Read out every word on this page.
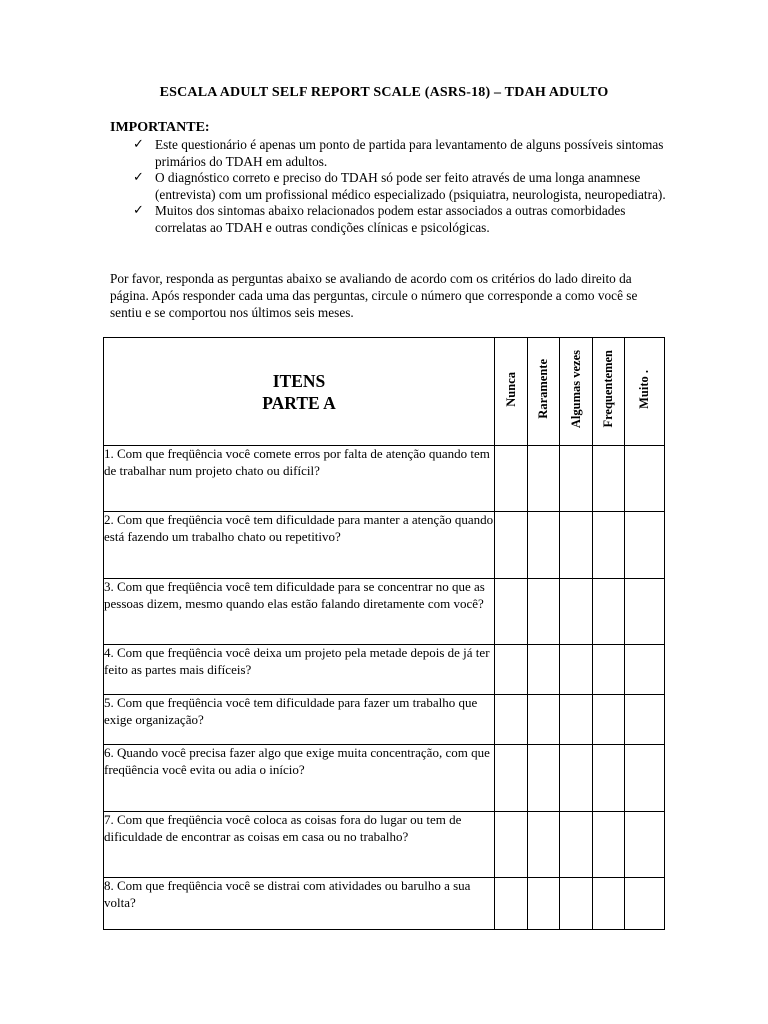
ESCALA ADULT SELF REPORT SCALE (ASRS-18) – TDAH ADULTO
IMPORTANTE:
✓ Este questionário é apenas um ponto de partida para levantamento de alguns possíveis sintomas primários do TDAH em adultos.
✓ O diagnóstico correto e preciso do TDAH só pode ser feito através de uma longa anamnese (entrevista) com um profissional médico especializado (psiquiatra, neurologista, neuropediatra).
✓ Muitos dos sintomas abaixo relacionados podem estar associados a outras comorbidades correlatas ao TDAH e outras condições clínicas e psicológicas.

Por favor, responda as perguntas abaixo se avaliando de acordo com os critérios do lado direito da página. Após responder cada uma das perguntas, circule o número que corresponde a como você se sentiu e se comportou nos últimos seis meses.

ITENS
PARTE A	Nunca	Raramente	Algumas vezes	Frequentemen	Muito .
1. Com que freqüência você comete erros por falta de atenção quando tem de trabalhar num projeto chato ou difícil?					
2. Com que freqüência você tem dificuldade para manter a atenção quando está fazendo um trabalho chato ou repetitivo?					
3. Com que freqüência você tem dificuldade para se concentrar no que as pessoas dizem, mesmo quando elas estão falando diretamente com você?					
4. Com que freqüência você deixa um projeto pela metade depois de já ter feito as partes mais difíceis?					
5. Com que freqüência você tem dificuldade para fazer um trabalho que exige organização?					
6. Quando você precisa fazer algo que exige muita concentração, com que freqüência você evita ou adia o início?					
7. Com que freqüência você coloca as coisas fora do lugar ou tem de dificuldade de encontrar as coisas em casa ou no trabalho?					
8. Com que freqüência você se distrai com atividades ou barulho a sua volta?					
